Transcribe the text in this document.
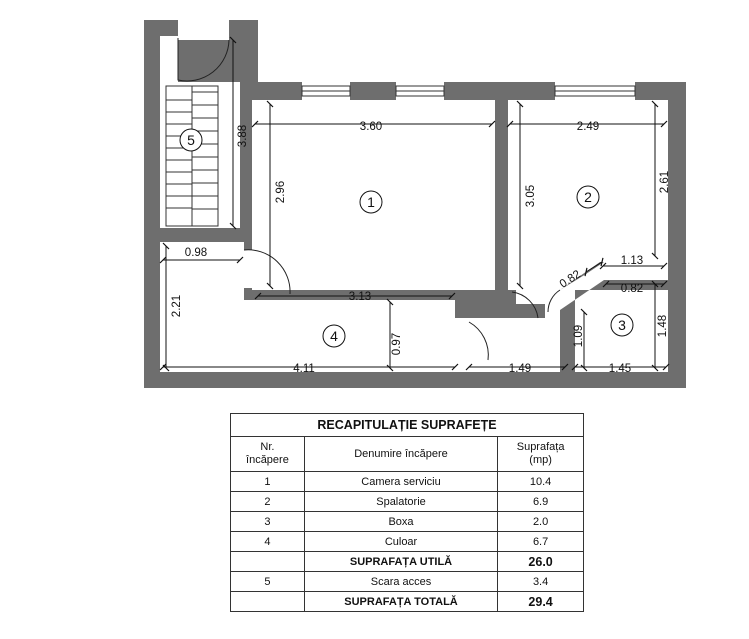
1	2
3
4
5	3.88	3.60	2.49
2.96	3.05
2.61
0.98
0.82
1.13
0.82
2.21	3.13
0.97	1.09	1.48
4.11	1.49	1.45
RECAPITULAȚIE SUPRAFEȚE		
Nr.
încăpere	Denumire încăpere	Suprafața
(mp)
1	Camera serviciu	10.4
2	Spalatorie	6.9
3	Boxa	2.0
4	Culoar	6.7
	SUPRAFAȚA UTILĂ	26.0
5	Scara acces	3.4
	SUPRAFAȚA TOTALĂ	29.4
